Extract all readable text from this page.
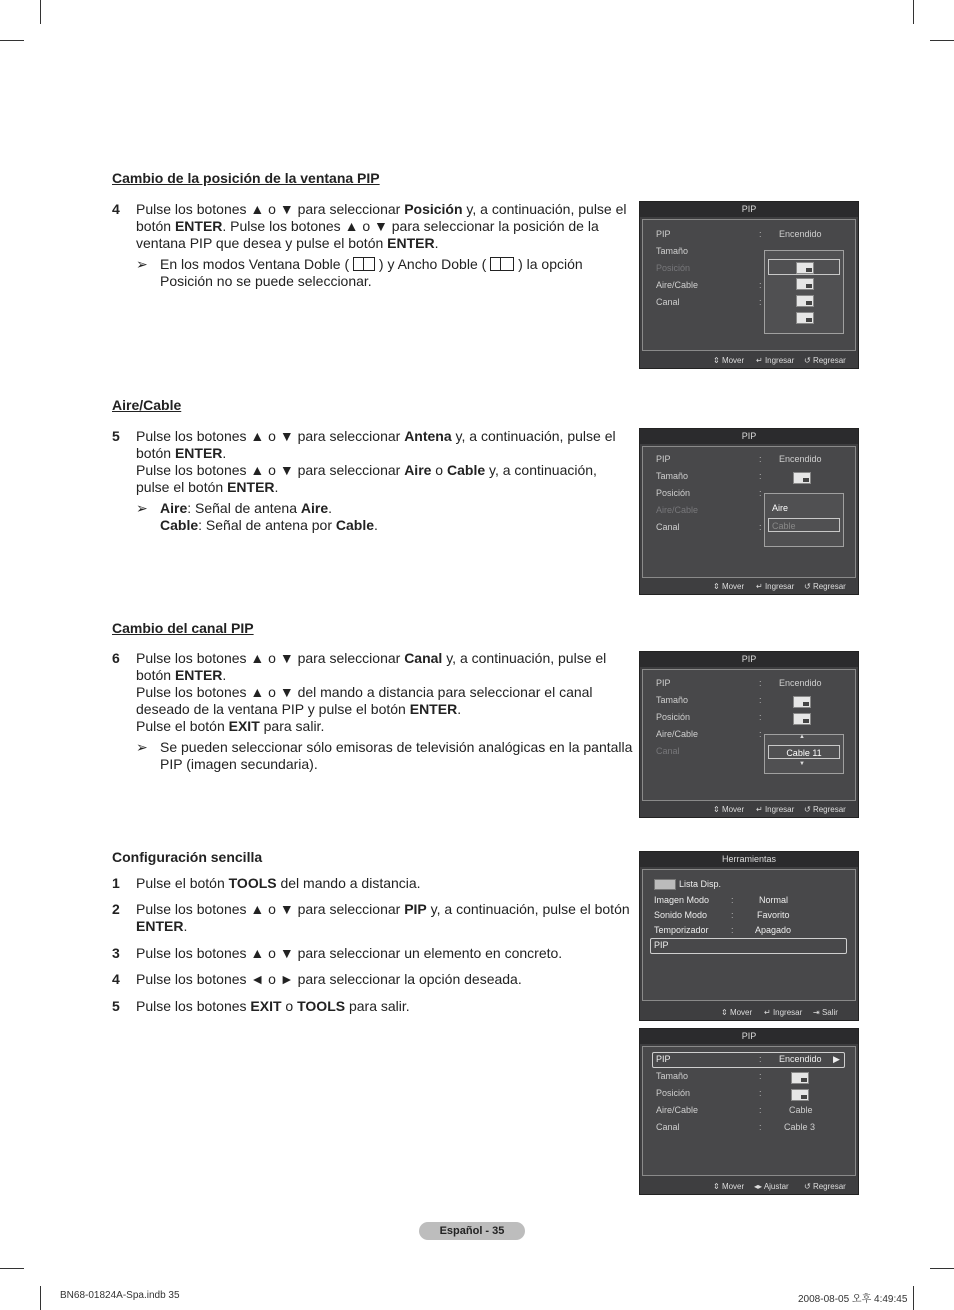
Cambio de la posición de la ventana PIP
4 Pulse los botones ▲ o ▼ para seleccionar Posición y, a continuación, pulse el botón ENTER. Pulse los botones ▲ o ▼ para seleccionar la posición de la ventana PIP que desea y pulse el botón ENTER.
➢ En los modos Ventana Doble ( ) y Ancho Doble ( ) la opción Posición no se puede seleccionar.
PIP
PIP	: Encendido
Tamaño
Posición
Aire/Cable	:
Canal	:
⇕ Mover ↵ Ingresar ↺ Regresar
Aire/Cable
5 Pulse los botones ▲ o ▼ para seleccionar Antena y, a continuación, pulse el botón ENTER.
Pulse los botones ▲ o ▼ para seleccionar Aire o Cable y, a continuación, pulse el botón ENTER.
➢ Aire: Señal de antena Aire.
Cable: Señal de antena por Cable.
PIP
PIP	: Encendido
Tamaño	:
Posición	:
Aire/Cable
Canal	:
Aire
Cable
⇕ Mover ↵ Ingresar ↺ Regresar
Cambio del canal PIP
6 Pulse los botones ▲ o ▼ para seleccionar Canal y, a continuación, pulse el botón ENTER.
Pulse los botones ▲ o ▼ del mando a distancia para seleccionar el canal deseado de la ventana PIP y pulse el botón ENTER.
Pulse el botón EXIT para salir.
➢ Se pueden seleccionar sólo emisoras de televisión analógicas en la pantalla PIP (imagen secundaria).
PIP
PIP	: Encendido
Tamaño	:
Posición	:
Aire/Cable	:
Canal
▲
Cable 11
▼
⇕ Mover ↵ Ingresar ↺ Regresar
Configuración sencilla
1 Pulse el botón TOOLS del mando a distancia.
2 Pulse los botones ▲ o ▼ para seleccionar PIP y, a continuación, pulse el botón ENTER.
3 Pulse los botones ▲ o ▼ para seleccionar un elemento en concreto.
4 Pulse los botones ◄ o ► para seleccionar la opción deseada.
5 Pulse los botones EXIT o TOOLS para salir.
Herramientas
Lista Disp.
Imagen Modo :	Normal
Sonido Modo	:	Favorito
Temporizador : Apagado
PIP
⇕ Mover ↵ Ingresar ⇥ Salir
PIP
PIP	: Encendido ▶
Tamaño	:
Posición	:
Aire/Cable	:	Cable
Canal	: Cable 3
⇕ Mover ◂▸ Ajustar ↺ Regresar
Español - 35
BN68-01824A-Spa.indb 35	2008-08-05 오후 4:49:45
